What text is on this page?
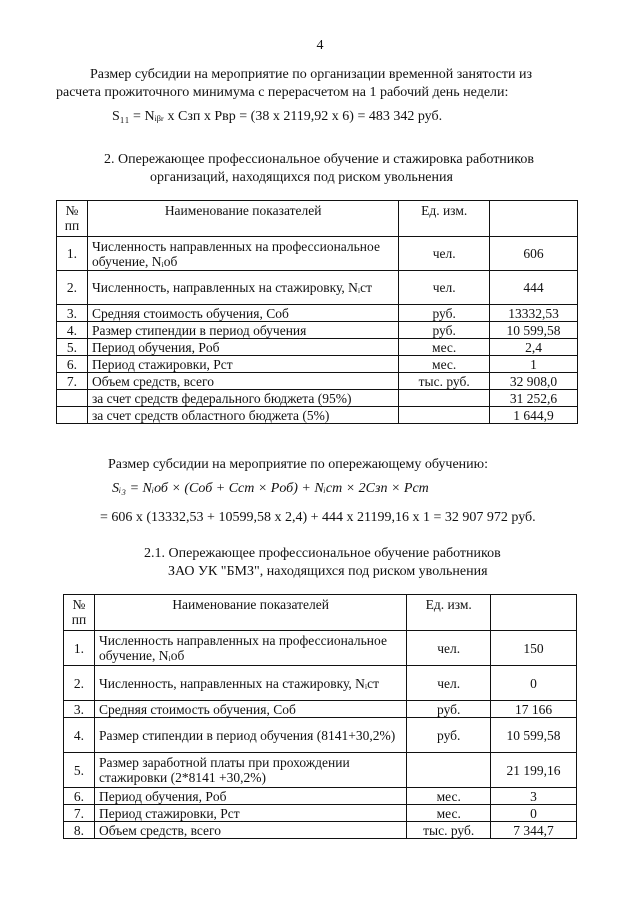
4
Размер субсидии на мероприятие по организации временной занятости из
расчета прожиточного минимума с перерасчетом на 1 рабочий день недели:
S₁₁ = Nᵢᵦᵣ x Cзп x Pвр = (38 x 2119,92 x 6) = 483 342 руб.
2. Опережающее профессиональное обучение и стажировка работников
организаций, находящихся под риском увольнения
№ пп	Наименование показателей	Ед. изм.	
1.	Численность направленных на профессиональное обучение, Nᵢоб	чел.	606
2.	Численность, направленных на стажировку, Nᵢст	чел.	444
3.	Средняя стоимость обучения, Cоб	руб.	13332,53
4.	Размер стипендии в период обучения	руб.	10 599,58
5.	Период обучения, Pоб	мес.	2,4
6.	Период стажировки, Pст	мес.	1
7.	Объем средств, всего	тыс. руб.	32 908,0
	за счет средств федерального бюджета (95%)		31 252,6
	за счет средств областного бюджета (5%)		1 644,9
Размер субсидии на мероприятие по опережающему обучению:
Sᵢ₃ = Nᵢоб × (Cоб + Cст × Pоб) + Nᵢст × 2Cзп × Pст
= 606 x (13332,53 + 10599,58 x 2,4) + 444 x 21199,16 x 1 = 32 907 972 руб.
2.1. Опережающее профессиональное обучение работников
ЗАО УК "БМЗ", находящихся под риском увольнения
№ пп	Наименование показателей	Ед. изм.	
1.	Численность направленных на профессиональное обучение, Nᵢоб	чел.	150
2.	Численность, направленных на стажировку, Nᵢст	чел.	0
3.	Средняя стоимость обучения, Cоб	руб.	17 166
4.	Размер стипендии в период обучения (8141+30,2%)	руб.	10 599,58
5.	Размер заработной платы при прохождении стажировки (2*8141 +30,2%)		21 199,16
6.	Период обучения, Pоб	мес.	3
7.	Период стажировки, Pст	мес.	0
8.	Объем средств, всего	тыс. руб.	7 344,7
